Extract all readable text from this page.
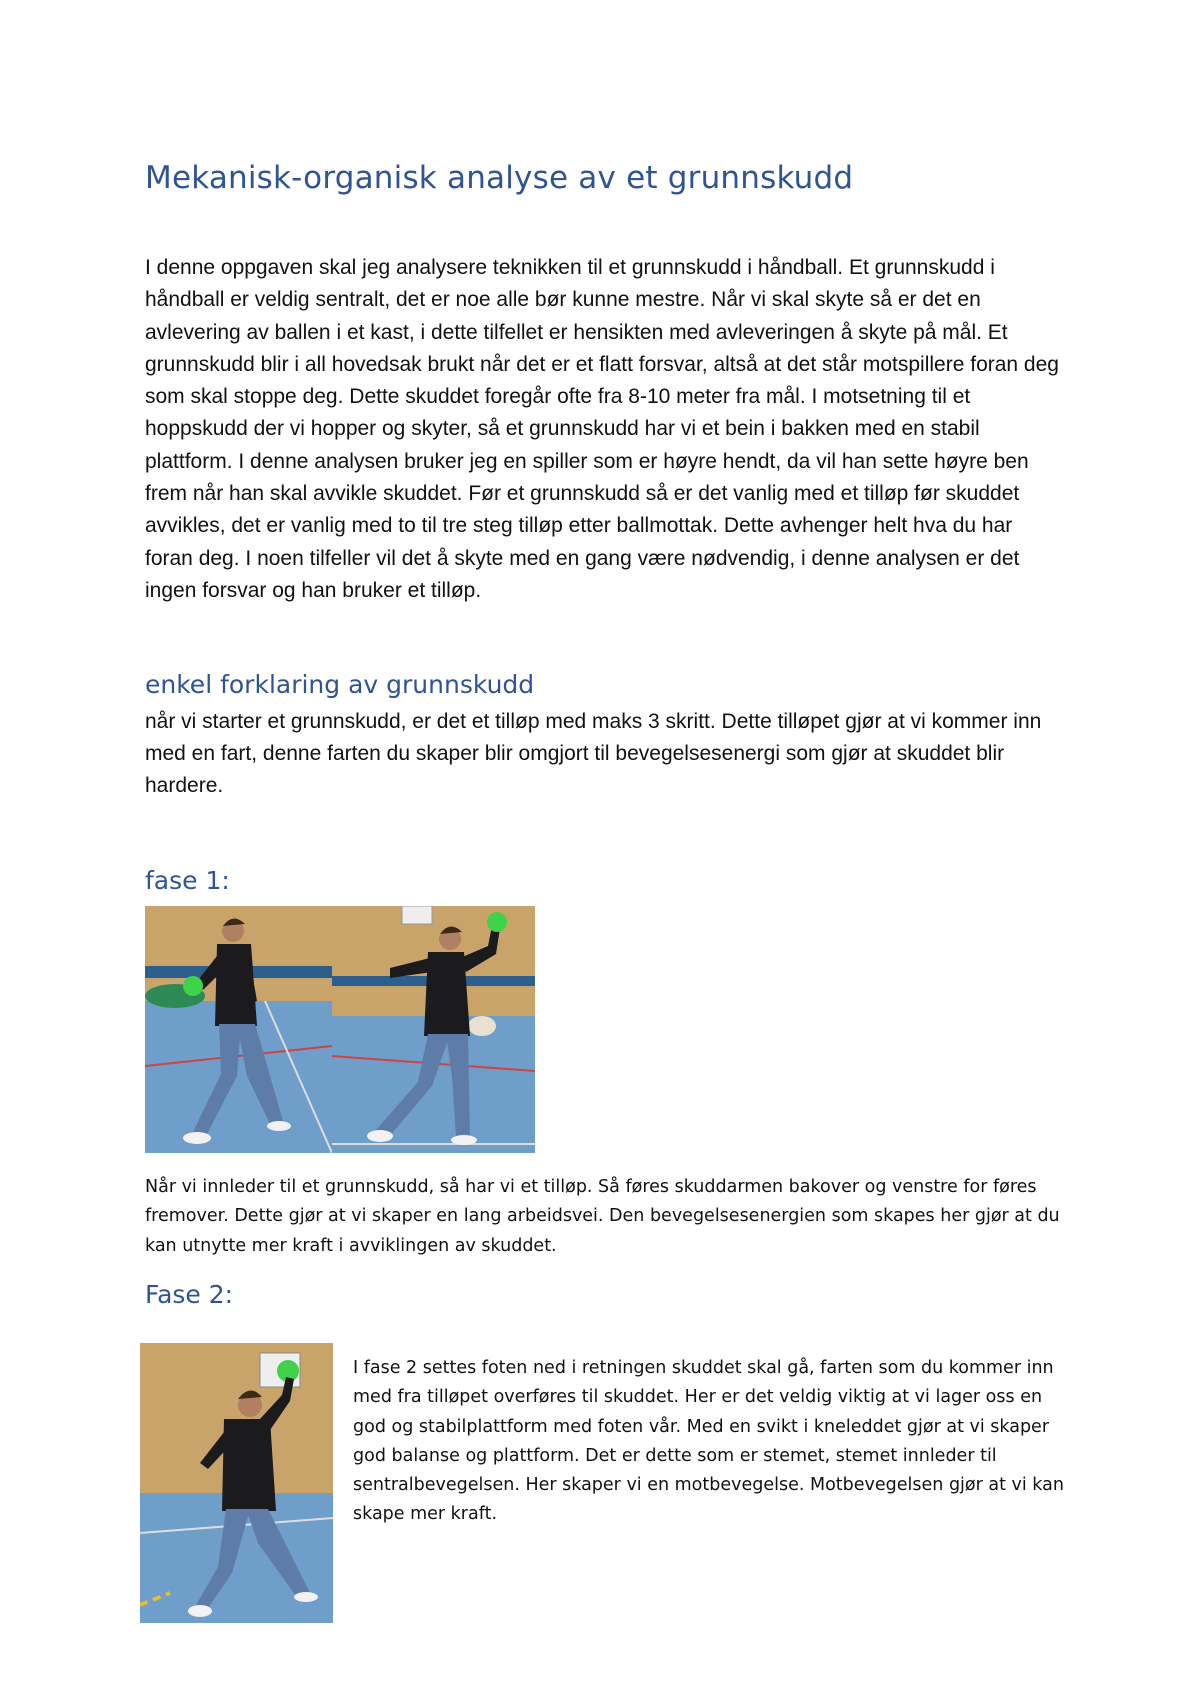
Mekanisk-organisk analyse av et grunnskudd

I denne oppgaven skal jeg analysere teknikken til et grunnskudd i håndball. Et grunnskudd i håndball er veldig sentralt, det er noe alle bør kunne mestre. Når vi skal skyte så er det en avlevering av ballen i et kast, i dette tilfellet er hensikten med avleveringen å skyte på mål. Et grunnskudd blir i all hovedsak brukt når det er et flatt forsvar, altså at det står motspillere foran deg som skal stoppe deg. Dette skuddet foregår ofte fra 8-10 meter fra mål. I motsetning til et hoppskudd der vi hopper og skyter, så et grunnskudd har vi et bein i bakken med en stabil plattform. I denne analysen bruker jeg en spiller som er høyre hendt, da vil han sette høyre ben frem når han skal avvikle skuddet. Før et grunnskudd så er det vanlig med et tilløp før skuddet avvikles, det er vanlig med to til tre steg tilløp etter ballmottak. Dette avhenger helt hva du har foran deg. I noen tilfeller vil det å skyte med en gang være nødvendig, i denne analysen er det ingen forsvar og han bruker et tilløp.

enkel forklaring av grunnskudd

når vi starter et grunnskudd, er det et tilløp med maks 3 skritt. Dette tilløpet gjør at vi kommer inn med en fart, denne farten du skaper blir omgjort til bevegelsesenergi som gjør at skuddet blir hardere.

fase 1:

Når vi innleder til et grunnskudd, så har vi et tilløp. Så føres skuddarmen bakover og venstre for føres fremover. Dette gjør at vi skaper en lang arbeidsvei. Den bevegelsesenergien som skapes her gjør at du kan utnytte mer kraft i avviklingen av skuddet.

Fase 2:

I fase 2 settes foten ned i retningen skuddet skal gå, farten som du kommer inn med fra tilløpet overføres til skuddet. Her er det veldig viktig at vi lager oss en god og stabilplattform med foten vår. Med en svikt i kneleddet gjør at vi skaper god balanse og plattform. Det er dette som er stemet, stemet innleder til sentralbevegelsen. Her skaper vi en motbevegelse. Motbevegelsen gjør at vi kan skape mer kraft.
